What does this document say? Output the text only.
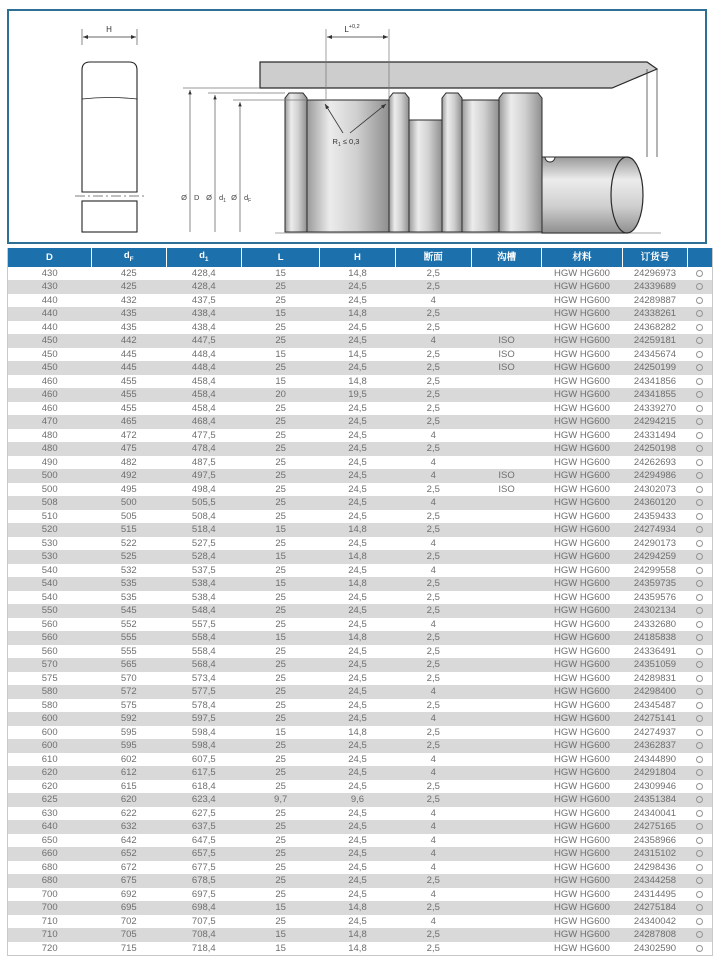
H	$L^{+0,2}$
R1 ≤ 0,3
Ø D Ø d1 Ø dF
D	$d_F$	$d_1$	L	H	断面	沟槽	材料	订货号	
430	425	428,4	15	14,8	2,5		HGW HG600	24296973	
430	425	428,4	25	24,5	2,5		HGW HG600	24339689	
440	432	437,5	25	24,5	4		HGW HG600	24289887	
440	435	438,4	15	14,8	2,5		HGW HG600	24338261	
440	435	438,4	25	24,5	2,5		HGW HG600	24368282	
450	442	447,5	25	24,5	4	ISO	HGW HG600	24259181	
450	445	448,4	15	14,5	2,5	ISO	HGW HG600	24345674	
450	445	448,4	25	24,5	2,5	ISO	HGW HG600	24250199	
460	455	458,4	15	14,8	2,5		HGW HG600	24341856	
460	455	458,4	20	19,5	2,5		HGW HG600	24341855	
460	455	458,4	25	24,5	2,5		HGW HG600	24339270	
470	465	468,4	25	24,5	2,5		HGW HG600	24294215	
480	472	477,5	25	24,5	4		HGW HG600	24331494	
480	475	478,4	25	24,5	2,5		HGW HG600	24250198	
490	482	487,5	25	24,5	4		HGW HG600	24262693	
500	492	497,5	25	24,5	4	ISO	HGW HG600	24294986	
500	495	498,4	25	24,5	2,5	ISO	HGW HG600	24302073	
508	500	505,5	25	24,5	4		HGW HG600	24360120	
510	505	508,4	25	24,5	2,5		HGW HG600	24359433	
520	515	518,4	15	14,8	2,5		HGW HG600	24274934	
530	522	527,5	25	24,5	4		HGW HG600	24290173	
530	525	528,4	15	14,8	2,5		HGW HG600	24294259	
540	532	537,5	25	24,5	4		HGW HG600	24299558	
540	535	538,4	15	14,8	2,5		HGW HG600	24359735	
540	535	538,4	25	24,5	2,5		HGW HG600	24359576	
550	545	548,4	25	24,5	2,5		HGW HG600	24302134	
560	552	557,5	25	24,5	4		HGW HG600	24332680	
560	555	558,4	15	14,8	2,5		HGW HG600	24185838	
560	555	558,4	25	24,5	2,5		HGW HG600	24336491	
570	565	568,4	25	24,5	2,5		HGW HG600	24351059	
575	570	573,4	25	24,5	2,5		HGW HG600	24289831	
580	572	577,5	25	24,5	4		HGW HG600	24298400	
580	575	578,4	25	24,5	2,5		HGW HG600	24345487	
600	592	597,5	25	24,5	4		HGW HG600	24275141	
600	595	598,4	15	14,8	2,5		HGW HG600	24274937	
600	595	598,4	25	24,5	2,5		HGW HG600	24362837	
610	602	607,5	25	24,5	4		HGW HG600	24344890	
620	612	617,5	25	24,5	4		HGW HG600	24291804	
620	615	618,4	25	24,5	2,5		HGW HG600	24309946	
625	620	623,4	9,7	9,6	2,5		HGW HG600	24351384	
630	622	627,5	25	24,5	4		HGW HG600	24340041	
640	632	637,5	25	24,5	4		HGW HG600	24275165	
650	642	647,5	25	24,5	4		HGW HG600	24358966	
660	652	657,5	25	24,5	4		HGW HG600	24315102	
680	672	677,5	25	24,5	4		HGW HG600	24298436	
680	675	678,5	25	24,5	2,5		HGW HG600	24344258	
700	692	697,5	25	24,5	4		HGW HG600	24314495	
700	695	698,4	15	14,8	2,5		HGW HG600	24275184	
710	702	707,5	25	24,5	4		HGW HG600	24340042	
710	705	708,4	15	14,8	2,5		HGW HG600	24287808	
720	715	718,4	15	14,8	2,5		HGW HG600	24302590	
